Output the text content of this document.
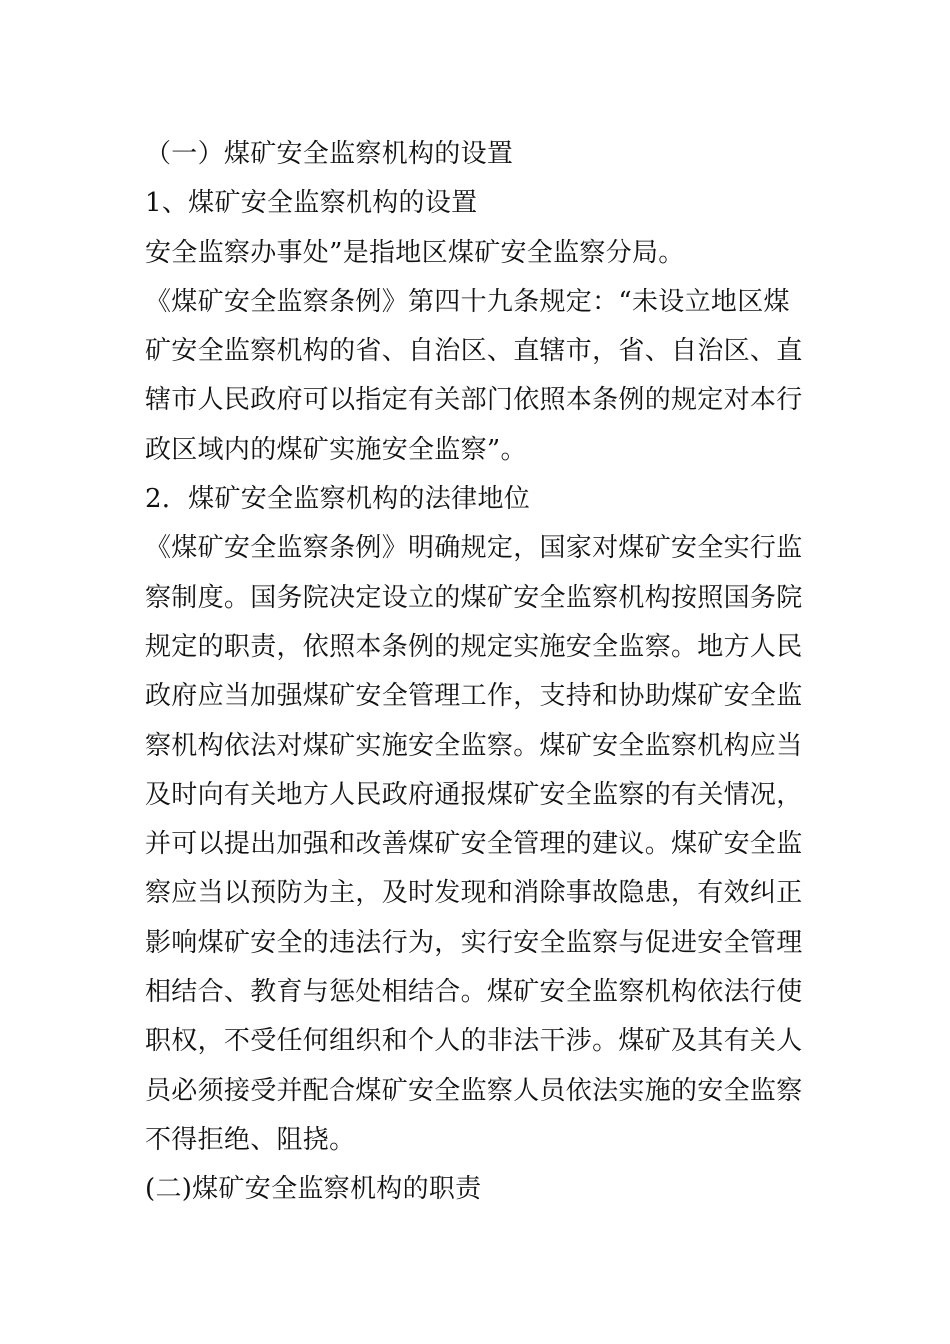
（一）煤矿安全监察机构的设置

1、煤矿安全监察机构的设置

安全监察办事处”是指地区煤矿安全监察分局。

《煤矿安全监察条例》第四十九条规定：“未设立地区煤

矿安全监察机构的省、自治区、直辖市，省、自治区、直

辖市人民政府可以指定有关部门依照本条例的规定对本行

政区域内的煤矿实施安全监察”。

2．煤矿安全监察机构的法律地位

《煤矿安全监察条例》明确规定，国家对煤矿安全实行监

察制度。国务院决定设立的煤矿安全监察机构按照国务院

规定的职责，依照本条例的规定实施安全监察。地方人民

政府应当加强煤矿安全管理工作，支持和协助煤矿安全监

察机构依法对煤矿实施安全监察。煤矿安全监察机构应当

及时向有关地方人民政府通报煤矿安全监察的有关情况，

并可以提出加强和改善煤矿安全管理的建议。煤矿安全监

察应当以预防为主，及时发现和消除事故隐患，有效纠正

影响煤矿安全的违法行为，实行安全监察与促进安全管理

相结合、教育与惩处相结合。煤矿安全监察机构依法行使

职权，不受任何组织和个人的非法干涉。煤矿及其有关人

员必须接受并配合煤矿安全监察人员依法实施的安全监察

不得拒绝、阻挠。

(二)煤矿安全监察机构的职责
